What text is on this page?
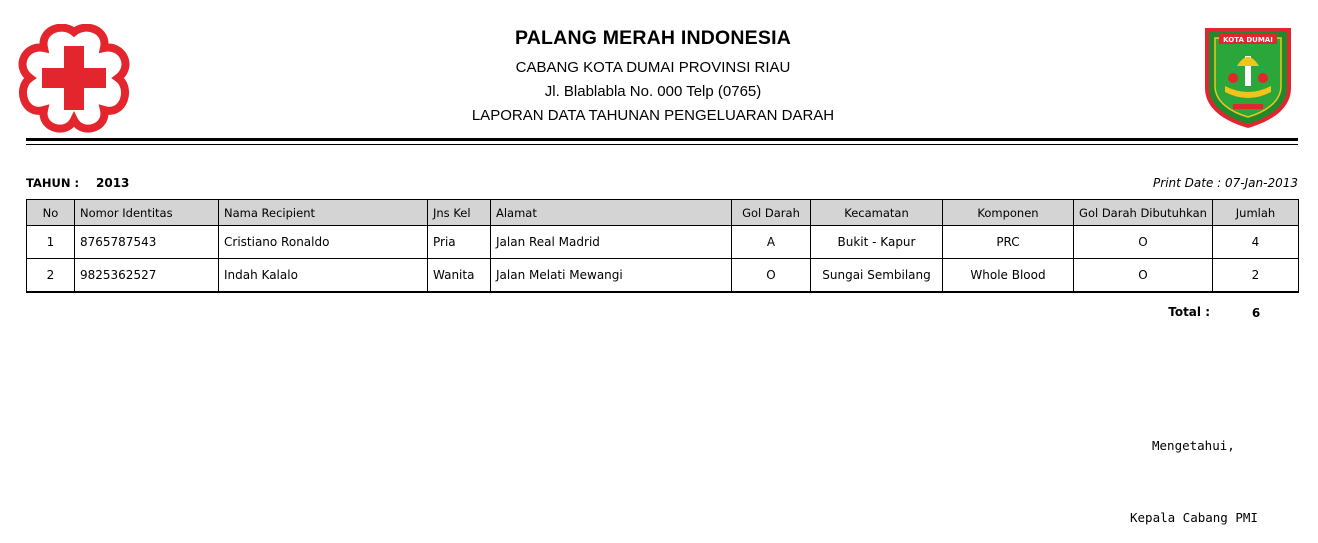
PALANG MERAH INDONESIA
CABANG KOTA DUMAI PROVINSI RIAU
Jl. Blablabla No. 000 Telp (0765)
LAPORAN DATA TAHUNAN PENGELUARAN DARAH
KOTA DUMAI
TAHUN : 2013	Print Date : 07-Jan-2013
No	Nomor Identitas	Nama Recipient	Jns Kel	Alamat	Gol Darah	Kecamatan	Komponen	Gol Darah Dibutuhkan	Jumlah
1	8765787543	Cristiano Ronaldo	Pria	Jalan Real Madrid	A	Bukit - Kapur	PRC	O	4
2	9825362527	Indah Kalalo	Wanita	Jalan Melati Mewangi	O	Sungai Sembilang	Whole Blood	O	2
Total :	6
Mengetahui,
Kepala Cabang PMI
